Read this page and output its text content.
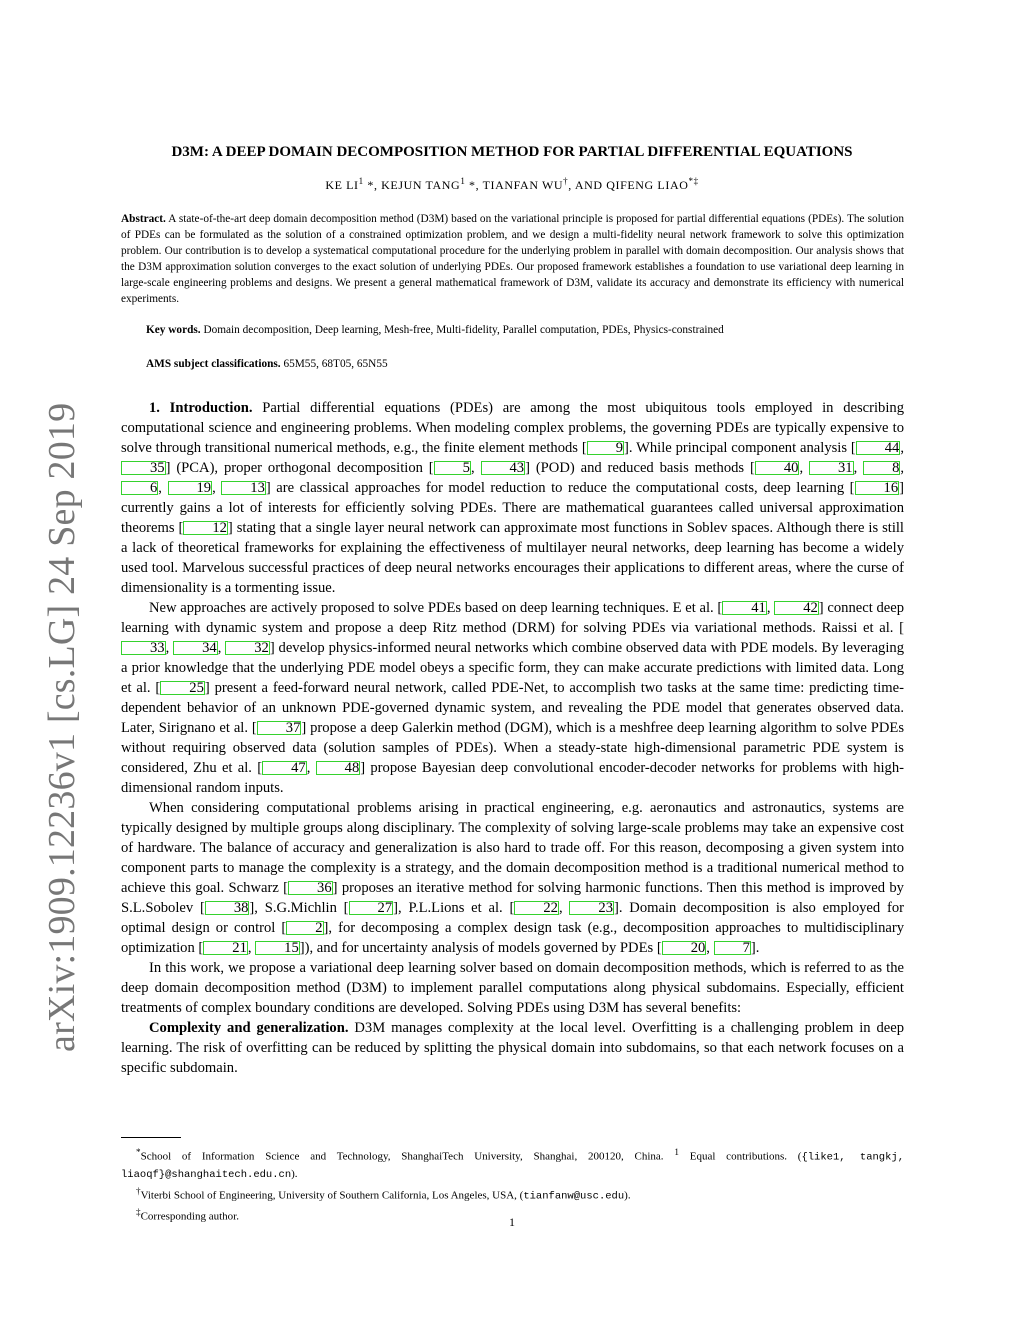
arXiv:1909.12236v1 [cs.LG] 24 Sep 2019
D3M: A DEEP DOMAIN DECOMPOSITION METHOD FOR PARTIAL DIFFERENTIAL EQUATIONS
KE $LI^1$ *, KEJUN TANG$^1$ *, TIANFAN WU†, AND QIFENG LIAO*‡
Abstract. A state-of-the-art deep domain decomposition method (D3M) based on the variational principle is proposed for partial differential equations (PDEs). The solution of PDEs can be formulated as the solution of a constrained optimization problem, and we design a multi-fidelity neural network framework to solve this optimization problem. Our contribution is to develop a systematical computational procedure for the underlying problem in parallel with domain decomposition. Our analysis shows that the D3M approximation solution converges to the exact solution of underlying PDEs. Our proposed framework establishes a foundation to use variational deep learning in large-scale engineering problems and designs. We present a general mathematical framework of D3M, validate its accuracy and demonstrate its efficiency with numerical experiments.
Key words. Domain decomposition, Deep learning, Mesh-free, Multi-fidelity, Parallel computation, PDEs, Physics-constrained
AMS subject classifications. 65M55, 68T05, 65N55

1. Introduction. Partial differential equations (PDEs) are among the most ubiquitous tools employed in describing computational science and engineering problems. When modeling complex problems, the governing PDEs are typically expensive to solve through transitional numerical methods, e.g., the finite element methods [ 9]. While principal component analysis [ 44, 35] (PCA), proper orthogonal decomposition [ 5, 43] (POD) and reduced basis methods [ 40, 31, 8, 6, 19, 13] are classical approaches for model reduction to reduce the computational costs, deep learning [ 16] currently gains a lot of interests for efficiently solving PDEs. There are mathematical guarantees called universal approximation theorems [ 12] stating that a single layer neural network can approximate most functions in Soblev spaces. Although there is still a lack of theoretical frameworks for explaining the effectiveness of multilayer neural networks, deep learning has become a widely used tool. Marvelous successful practices of deep neural networks encourages their applications to different areas, where the curse of dimensionality is a tormenting issue.

New approaches are actively proposed to solve PDEs based on deep learning techniques. E et al. [ 41, 42] connect deep learning with dynamic system and propose a deep Ritz method (DRM) for solving PDEs via variational methods. Raissi et al. [33, 34, 32] develop physics-informed neural networks which combine observed data with PDE models. By leveraging a prior knowledge that the underlying PDE model obeys a specific form, they can make accurate predictions with limited data. Long et al. [ 25] present a feed-forward neural network, called PDE-Net, to accomplish two tasks at the same time: predicting time-dependent behavior of an unknown PDE-governed dynamic system, and revealing the PDE model that generates observed data. Later, Sirignano et al. [ 37] propose a deep Galerkin method (DGM), which is a meshfree deep learning algorithm to solve PDEs without requiring observed data (solution samples of PDEs). When a steady-state high-dimensional parametric PDE system is considered, Zhu et al. [ 47, 48] propose Bayesian deep convolutional encoder-decoder networks for problems with high-dimensional random inputs.

When considering computational problems arising in practical engineering, e.g. aeronautics and astronautics, systems are typically designed by multiple groups along disciplinary. The complexity of solving large-scale problems may take an expensive cost of hardware. The balance of accuracy and generalization is also hard to trade off. For this reason, decomposing a given system into component parts to manage the complexity is a strategy, and the domain decomposition method is a traditional numerical method to achieve this goal. Schwarz [ 36] proposes an iterative method for solving harmonic functions. Then this method is improved by S.L.Sobolev [ 38], S.G.Michlin [ 27], P.L.Lions et al. [ 22, 23]. Domain decomposition is also employed for optimal design or control [ 2], for decomposing a complex design task (e.g., decomposition approaches to multidisciplinary optimization [ 21, 15]), and for uncertainty analysis of models governed by PDEs [ 20, 7].

In this work, we propose a variational deep learning solver based on domain decomposition methods, which is referred to as the deep domain decomposition method (D3M) to implement parallel computations along physical subdomains. Especially, efficient treatments of complex boundary conditions are developed. Solving PDEs using D3M has several benefits:

Complexity and generalization. D3M manages complexity at the local level. Overfitting is a challenging problem in deep learning. The risk of overfitting can be reduced by splitting the physical domain into subdomains, so that each network focuses on a specific subdomain.

*School of Information Science and Technology, ShanghaiTech University, Shanghai, 200120, China. $^1$ Equal contributions. ({like1, tangkj, liaoqf}@shanghaitech.edu.cn).

†Viterbi School of Engineering, University of Southern California, Los Angeles, USA, (tianfanw@usc.edu).

‡Corresponding author.	1
